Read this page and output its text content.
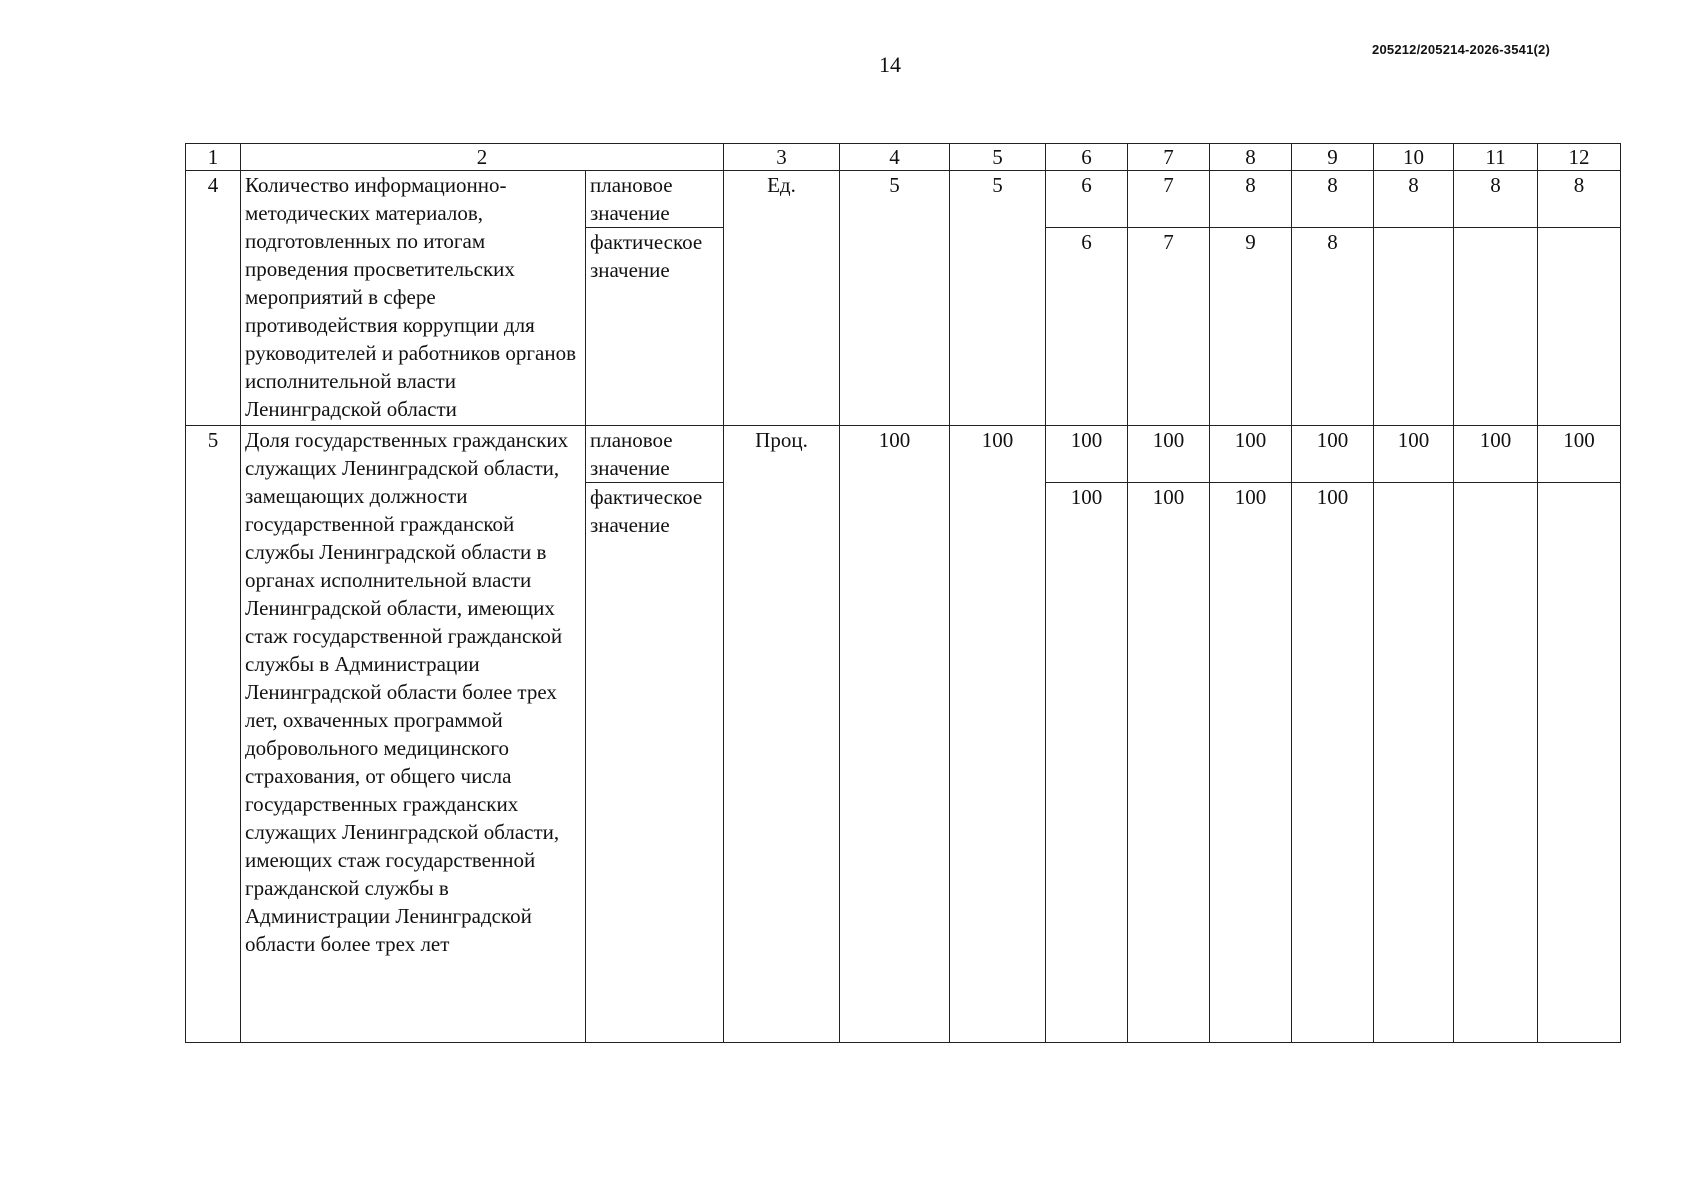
14
205212/205214-2026-3541(2)
1	2		3	4	5	6	7	8	9	10	11	12
4	Количество информационно-методических материалов, подготовленных по итогам проведения просветительских мероприятий в сфере противодействия коррупции для руководителей и работников органов исполнительной власти Ленинградской области	плановое значение	Ед.	5	5	6	7	8	8	8	8	8
		фактическое значение				6	7	9	8			
5	Доля государственных гражданских служащих Ленинградской области, замещающих должности государственной гражданской службы Ленинградской области в органах исполнительной власти Ленинградской области, имеющих стаж государственной гражданской службы в Администрации Ленинградской области более трех лет, охваченных программой добровольного медицинского страхования, от общего числа государственных гражданских служащих Ленинградской области, имеющих стаж государственной гражданской службы в Администрации Ленинградской области более трех лет	плановое значение	Проц.	100	100	100	100	100	100	100	100	100
		фактическое значение				100	100	100	100			
